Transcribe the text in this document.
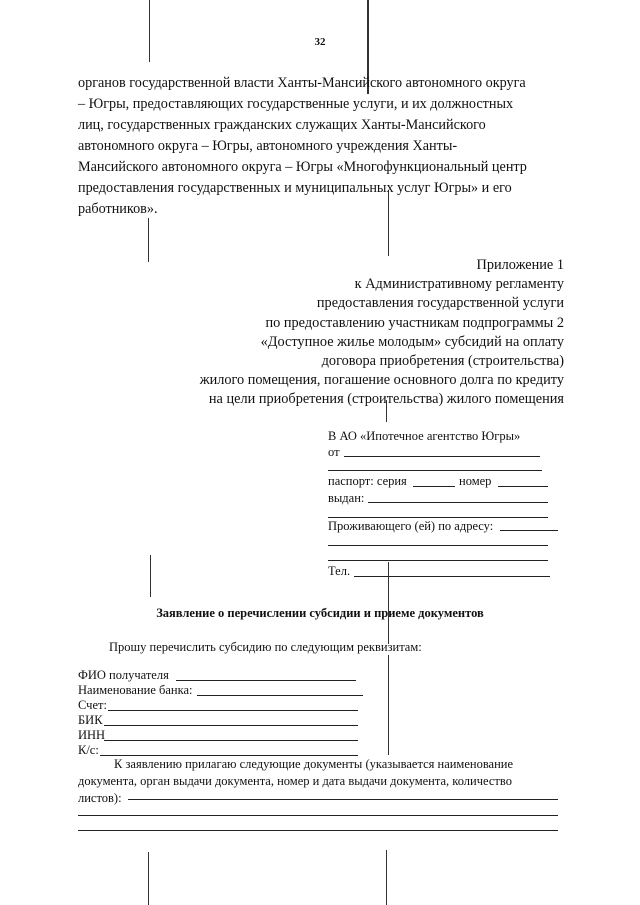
32
органов государственной власти Ханты-Мансийского автономного округа
– Югры, предоставляющих государственные услуги, и их должностных
лиц, государственных гражданских служащих Ханты-Мансийского
автономного округа – Югры, автономного учреждения Ханты-
Мансийского автономного округа – Югры «Многофункциональный центр
предоставления государственных и муниципальных услуг Югры» и его
работников».
Приложение 1
к Административному регламенту
предоставления государственной услуги
по предоставлению участникам подпрограммы 2
«Доступное жилье молодым» субсидий на оплату
договора приобретения (строительства)
жилого помещения, погашение основного долга по кредиту
на цели приобретения (строительства) жилого помещения
В АО «Ипотечное агентство Югры»
от
паспорт: серия	номер
выдан:
Проживающего (ей) по адресу:
Тел.
Заявление о перечислении субсидии и приеме документов
Прошу перечислить субсидию по следующим реквизитам:
ФИО получателя
Наименование банка:
Счет:
БИК
ИНН
К/с:
К заявлению прилагаю следующие документы (указывается наименование
документа, орган выдачи документа, номер и дата выдачи документа, количество
листов):
